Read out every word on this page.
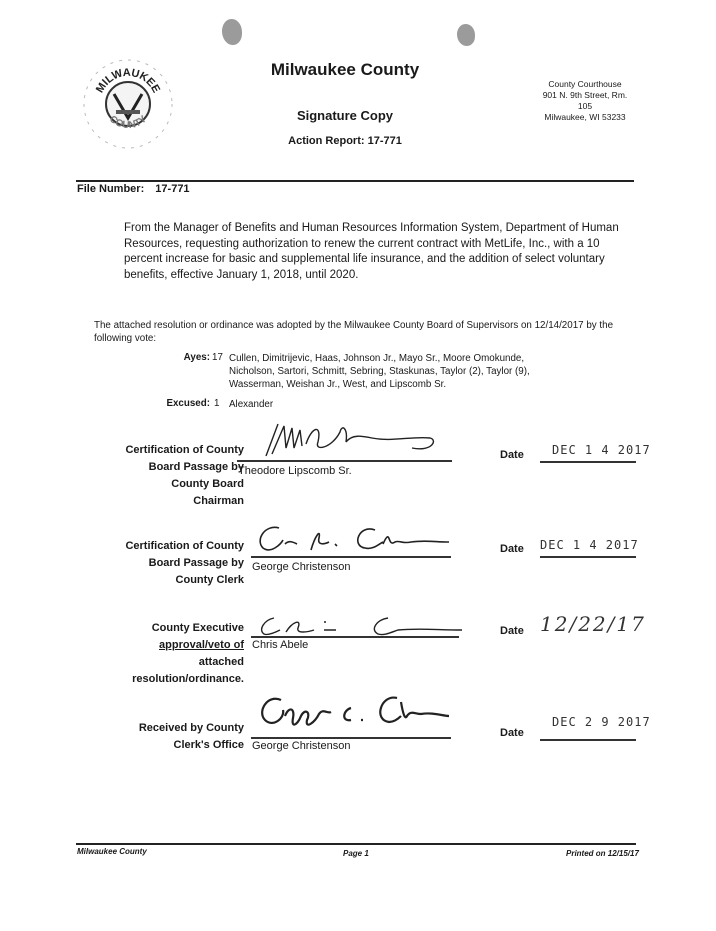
MILWAUKEE
COUNTY
Milwaukee County
Signature Copy
Action Report: 17-771
County Courthouse
901 N. 9th Street, Rm.
105
Milwaukee, WI 53233
File Number: 17-771
From the Manager of Benefits and Human Resources Information System, Department of Human Resources, requesting authorization to renew the current contract with MetLife, Inc., with a 10 percent increase for basic and supplemental life insurance, and the addition of select voluntary benefits, effective January 1, 2018, until 2020.
The attached resolution or ordinance was adopted by the Milwaukee County Board of Supervisors on 12/14/2017 by the following vote:
Ayes: 17 Cullen, Dimitrijevic, Haas, Johnson Jr., Mayo Sr., Moore Omokunde, Nicholson, Sartori, Schmitt, Sebring, Staskunas, Taylor (2), Taylor (9), Wasserman, Weishan Jr., West, and Lipscomb Sr.
Excused: 1 Alexander
Certification of County
Board Passage by
County Board
Chairman
Theodore Lipscomb Sr.
Date DEC 1 4 2017
Certification of County
Board Passage by
County Clerk
George Christenson
Date DEC 1 4 2017
County Executive
approval/veto of
attached
resolution/ordinance.
Chris Abele
Date 12/22/17
Received by County
Clerk's Office George Christenson
Date
DEC 2 9 2017
Milwaukee County	Page 1	Printed on 12/15/17
